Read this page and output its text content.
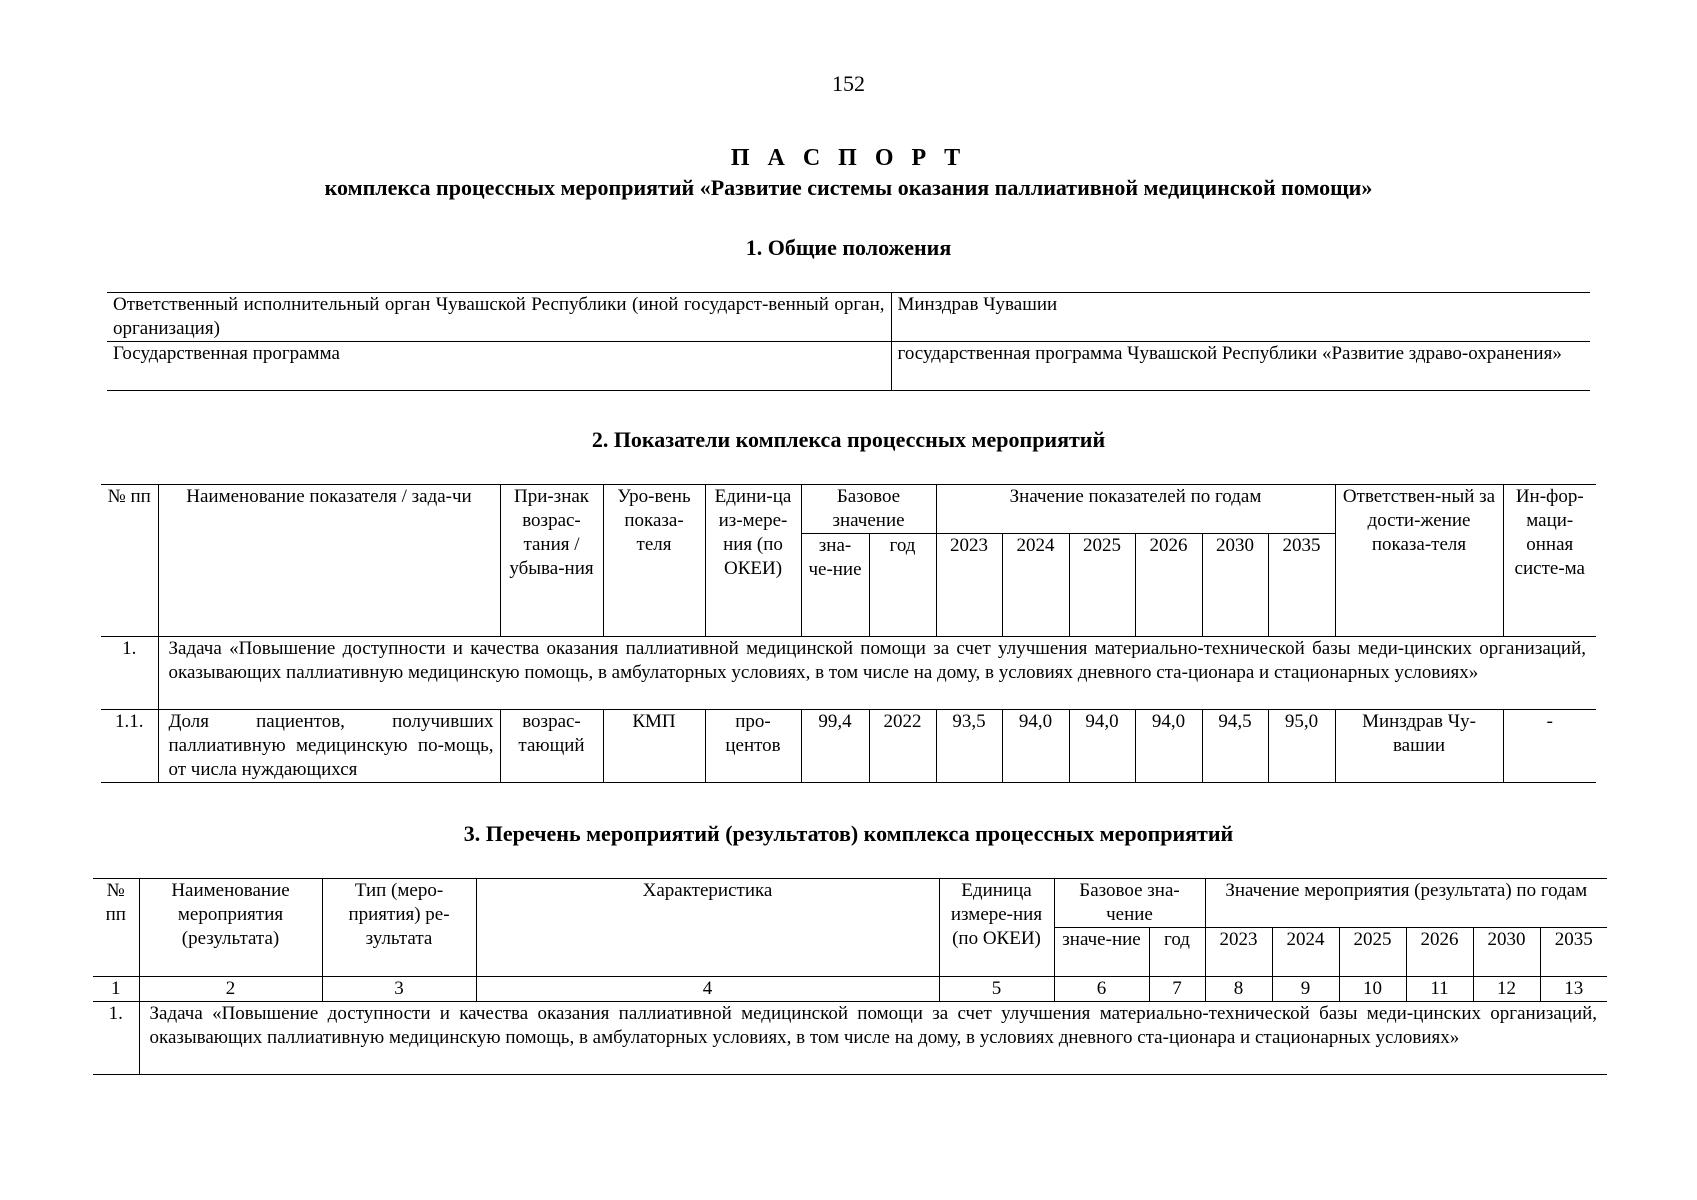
152
П А С П О Р Т
комплекса процессных мероприятий «Развитие системы оказания паллиативной медицинской помощи»
1. Общие положения
Ответственный исполнительный орган Чувашской Республики (иной государст-венный орган, организация)	Минздрав Чувашии
Государственная программа	государственная программа Чувашской Республики «Развитие здраво-охранения»
2. Показатели комплекса процессных мероприятий
№ пп	Наименование показателя / зада-чи	При-знак возрас-тания / убыва-ния	Уро-вень показа-теля	Едини-ца из-мере-ния (по ОКЕИ)	Базовое значение		Значение показателей по годам						Ответствен-ный за дости-жение показа-теля	Ин-фор-маци-онная систе-ма
					зна-че-ние	год	2023	2024	2025	2026	2030	2035		
1.	Задача «Повышение доступности и качества оказания паллиативной медицинской помощи за счет улучшения материально-технической базы меди-цинских организаций, оказывающих паллиативную медицинскую помощь, в амбулаторных условиях, в том числе на дому, в условиях дневного ста-ционара и стационарных условиях»													
1.1.	Доля пациентов, получивших паллиативную медицинскую по-мощь, от числа нуждающихся	возрас-тающий	КМП	про-центов	99,4	2022	93,5	94,0	94,0	94,0	94,5	95,0	Минздрав Чу-вашии	-
3. Перечень мероприятий (результатов) комплекса процессных мероприятий
№ пп	Наименование мероприятия (результата)	Тип (меро-приятия) ре-зультата	Характеристика	Единица измере-ния (по ОКЕИ)	Базовое зна-чение		Значение мероприятия (результата) по годам					
					значе-ние	год	2023	2024	2025	2026	2030	2035
1	2	3	4	5	6	7	8	9	10	11	12	13
1.	Задача «Повышение доступности и качества оказания паллиативной медицинской помощи за счет улучшения материально-технической базы меди-цинских организаций, оказывающих паллиативную медицинскую помощь, в амбулаторных условиях, в том числе на дому, в условиях дневного ста-ционара и стационарных условиях»											
